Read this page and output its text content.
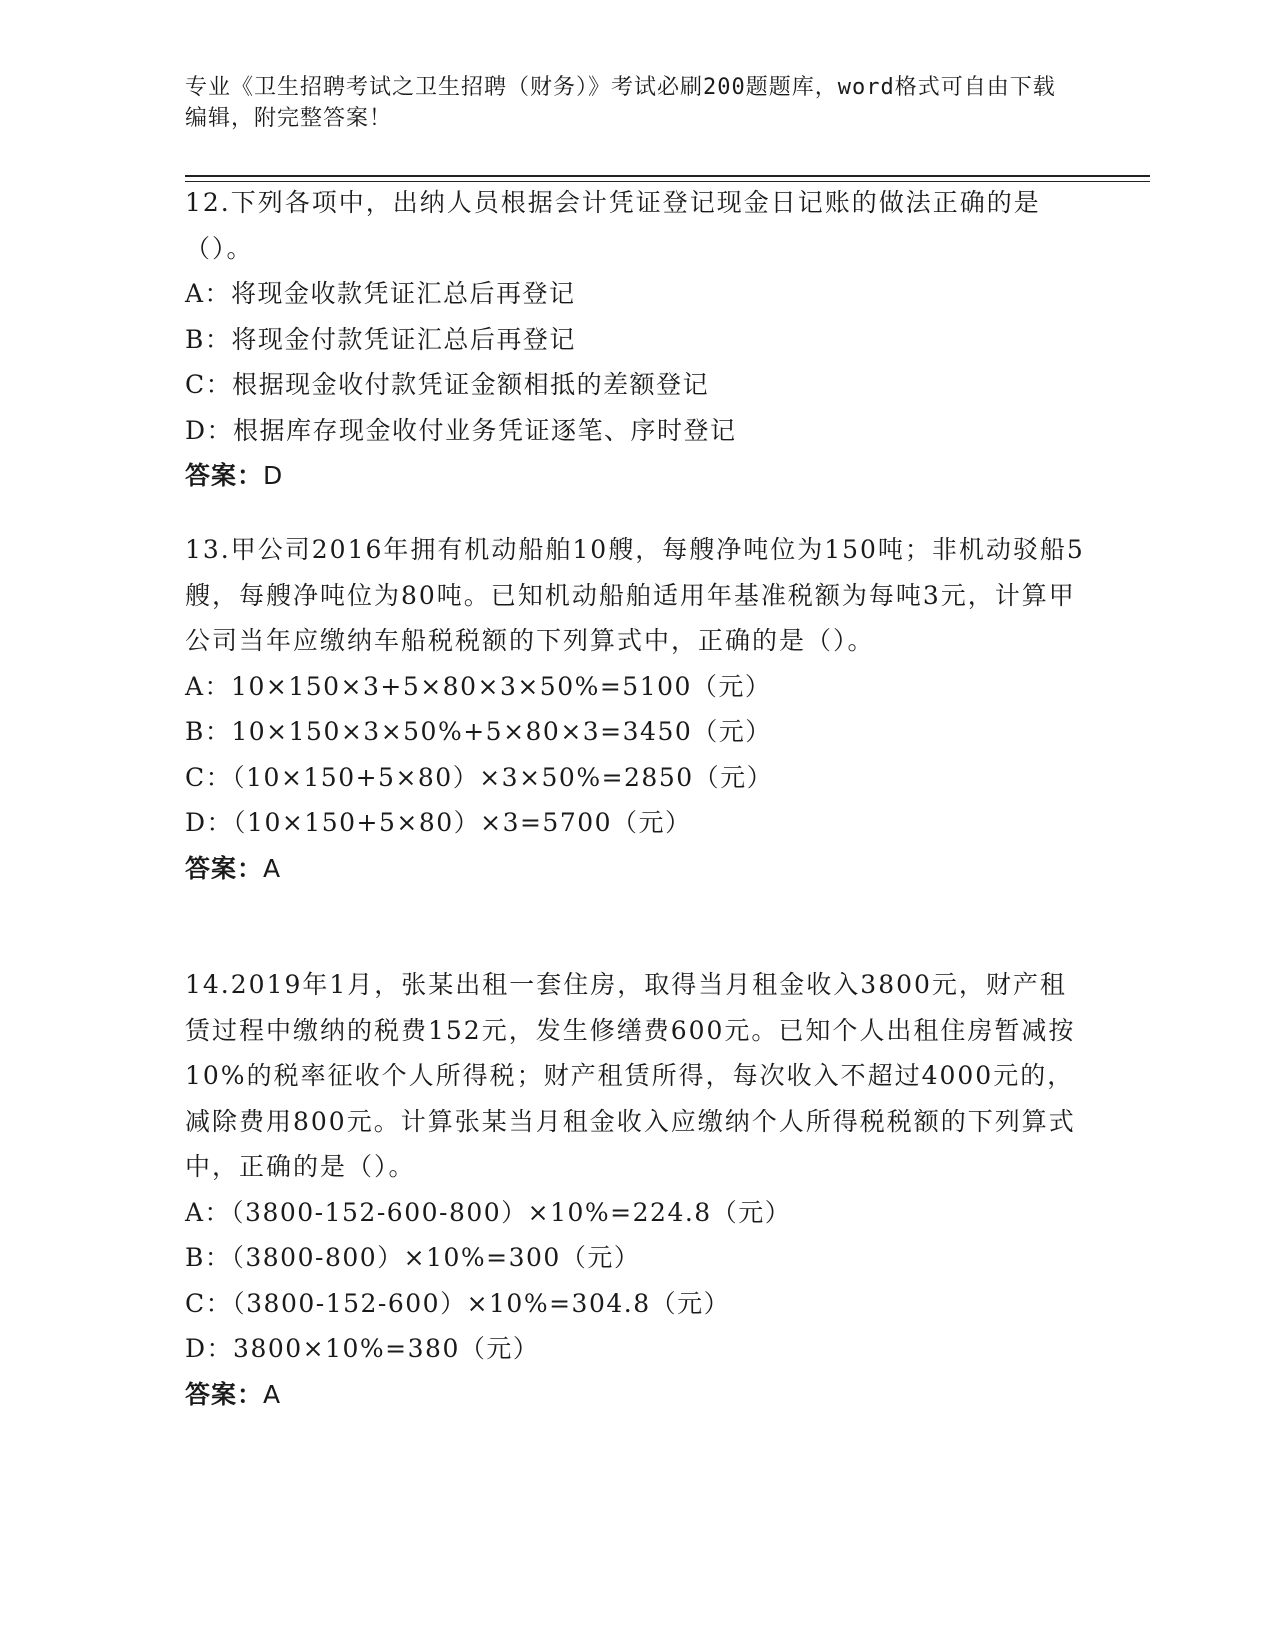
专业《卫生招聘考试之卫生招聘（财务）》考试必刷200题题库，word格式可自由下载编辑，附完整答案！

12.下列各项中，出纳人员根据会计凭证登记现金日记账的做法正确的是（）。

A：将现金收款凭证汇总后再登记

B：将现金付款凭证汇总后再登记

C：根据现金收付款凭证金额相抵的差额登记

D：根据库存现金收付业务凭证逐笔、序时登记

答案：D

13.甲公司2016年拥有机动船舶10艘，每艘净吨位为150吨；非机动驳船5艘，每艘净吨位为80吨。已知机动船舶适用年基准税额为每吨3元，计算甲公司当年应缴纳车船税税额的下列算式中，正确的是（）。

A：10×150×3+5×80×3×50%=5100（元）

B：10×150×3×50%+5×80×3=3450（元）

C：（10×150+5×80）×3×50%=2850（元）

D：（10×150+5×80）×3=5700（元）

答案：A

14.2019年1月，张某出租一套住房，取得当月租金收入3800元，财产租赁过程中缴纳的税费152元，发生修缮费600元。已知个人出租住房暂减按10%的税率征收个人所得税；财产租赁所得，每次收入不超过4000元的，减除费用800元。计算张某当月租金收入应缴纳个人所得税税额的下列算式中，正确的是（）。

A：（3800-152-600-800）×10%=224.8（元）

B：（3800-800）×10%=300（元）

C：（3800-152-600）×10%=304.8（元）

D：3800×10%=380（元）

答案：A
